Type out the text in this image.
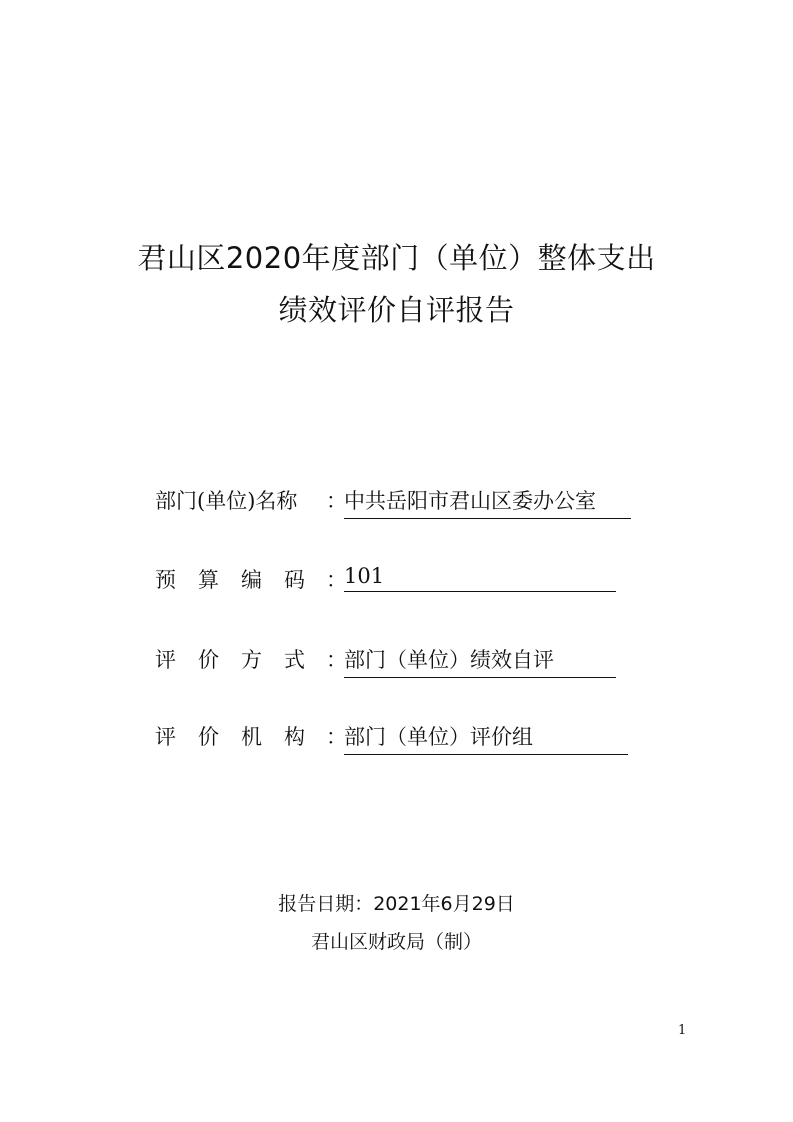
君山区2020年度部门（单位）整体支出
绩效评价自评报告
部门(单位)名称 ：
中共岳阳市君山区委办公室
预算编码 ：
101
评价方式 ：
部门（单位）绩效自评
评价机构 ：
部门（单位）评价组
报告日期：2021年6月29日
君山区财政局（制）
1
